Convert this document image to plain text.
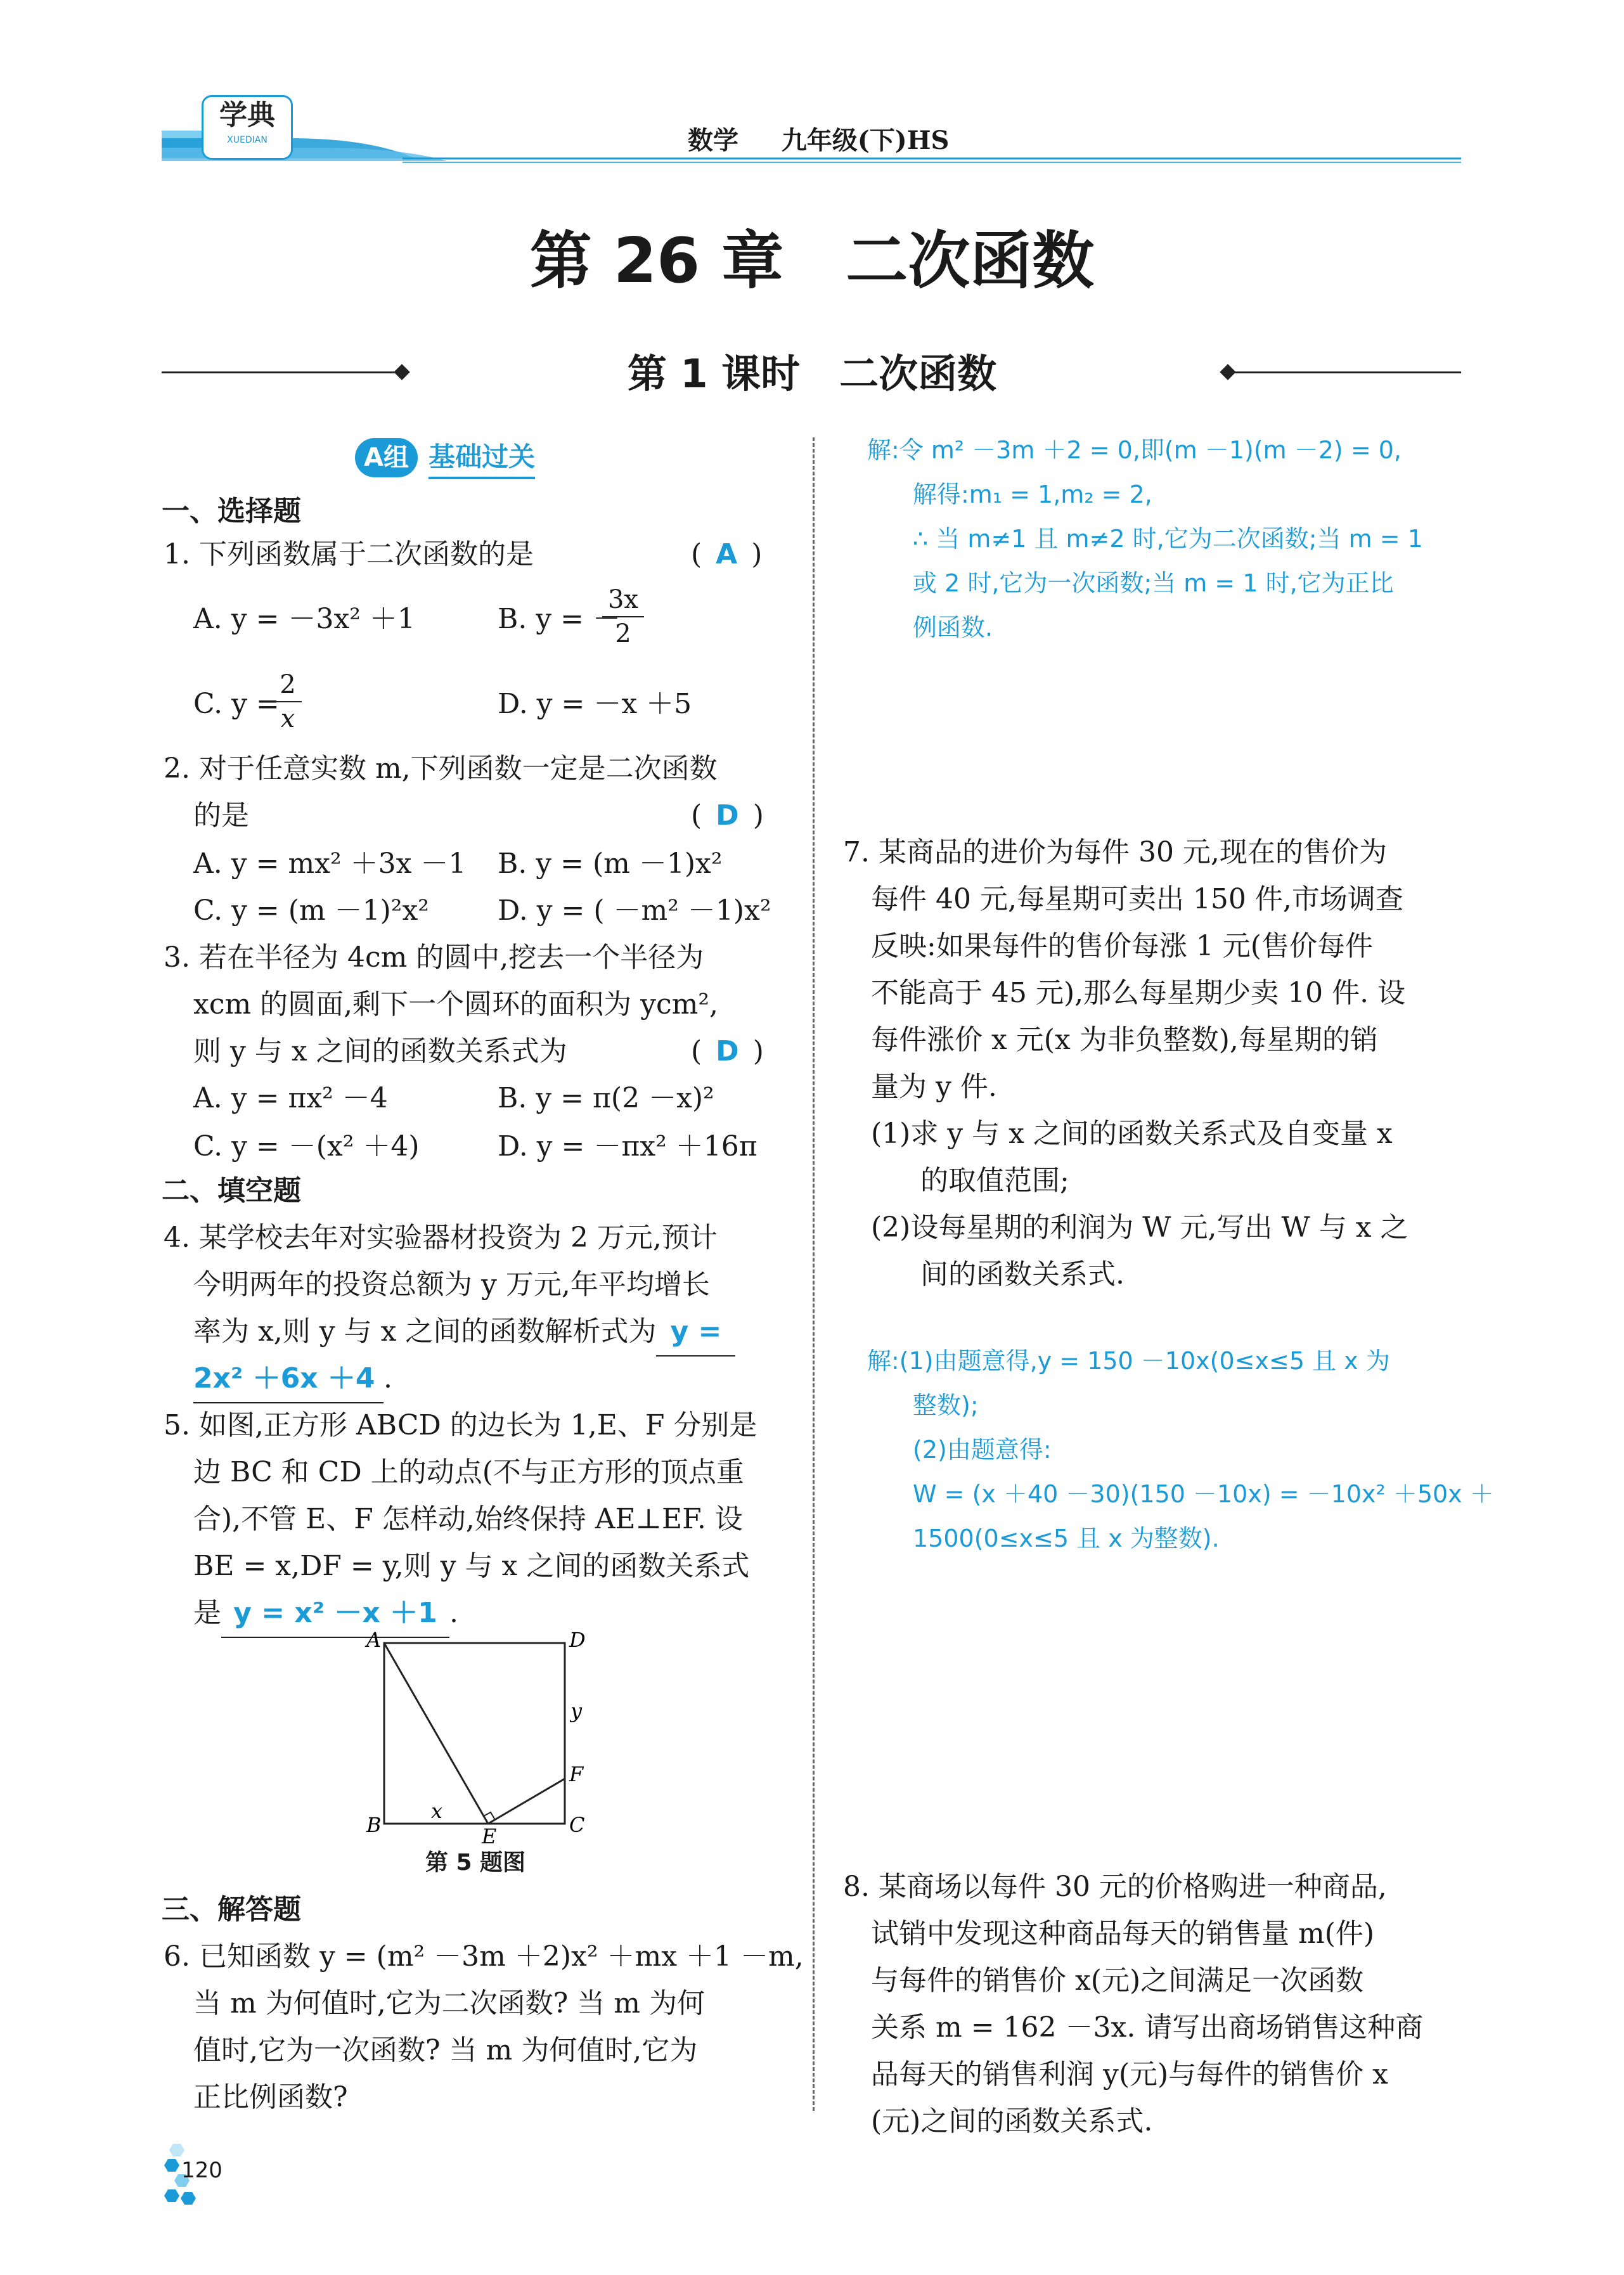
学典
XUEDIAN	数学 九年级(下)HS
第 26 章　二次函数
第 1 课时　二次函数
A组 基础过关
一、选择题
1. 下列函数属于二次函数的是	( A )
A. y = －3x² ＋1	B. y = －
$\frac{3x}{2}$
C. y =
$\frac{2}{x}$	D. y = －x ＋5
2. 对于任意实数 m,下列函数一定是二次函数
的是	( D )
A. y = mx² ＋3x －1 B. y = (m －1)x²
C. y = (m －1)²x² D. y = ( －m² －1)x²
3. 若在半径为 4cm 的圆中,挖去一个半径为
xcm 的圆面,剩下一个圆环的面积为 ycm²,
则 y 与 x 之间的函数关系式为	( D )
A. y = πx² －4	B. y = π(2 －x)²
C. y = －(x² ＋4)	D. y = －πx² ＋16π
二、填空题
4. 某学校去年对实验器材投资为 2 万元,预计
今明两年的投资总额为 y 万元,年平均增长
率为 x,则 y 与 x 之间的函数解析式为 y =
2x² ＋6x ＋4 .
5. 如图,正方形 ABCD 的边长为 1,E、F 分别是
边 BC 和 CD 上的动点(不与正方形的顶点重
合),不管 E、F 怎样动,始终保持 AE⊥EF. 设
BE = x,DF = y,则 y 与 x 之间的函数关系式
是 y = x² －x ＋1 .
A	D
B	C
E
F
x
y
第 5 题图
三、解答题
6. 已知函数 y = (m² －3m ＋2)x² ＋mx ＋1 －m,
当 m 为何值时,它为二次函数? 当 m 为何
值时,它为一次函数? 当 m 为何值时,它为
正比例函数?
解:令 m² －3m ＋2 = 0,即(m －1)(m －2) = 0,
解得:m₁ = 1,m₂ = 2,
∴ 当 m≠1 且 m≠2 时,它为二次函数;当 m = 1
或 2 时,它为一次函数;当 m = 1 时,它为正比
例函数.
7. 某商品的进价为每件 30 元,现在的售价为
每件 40 元,每星期可卖出 150 件,市场调查
反映:如果每件的售价每涨 1 元(售价每件
不能高于 45 元),那么每星期少卖 10 件. 设
每件涨价 x 元(x 为非负整数),每星期的销
量为 y 件.
(1)求 y 与 x 之间的函数关系式及自变量 x
的取值范围;
(2)设每星期的利润为 W 元,写出 W 与 x 之
间的函数关系式.
解:(1)由题意得,y = 150 －10x(0≤x≤5 且 x 为
整数);
(2)由题意得:
W = (x ＋40 －30)(150 －10x) = －10x² ＋50x ＋
1500(0≤x≤5 且 x 为整数).
8. 某商场以每件 30 元的价格购进一种商品,
试销中发现这种商品每天的销售量 m(件)
与每件的销售价 x(元)之间满足一次函数
关系 m = 162 －3x. 请写出商场销售这种商
品每天的销售利润 y(元)与每件的销售价 x
(元)之间的函数关系式.
120
